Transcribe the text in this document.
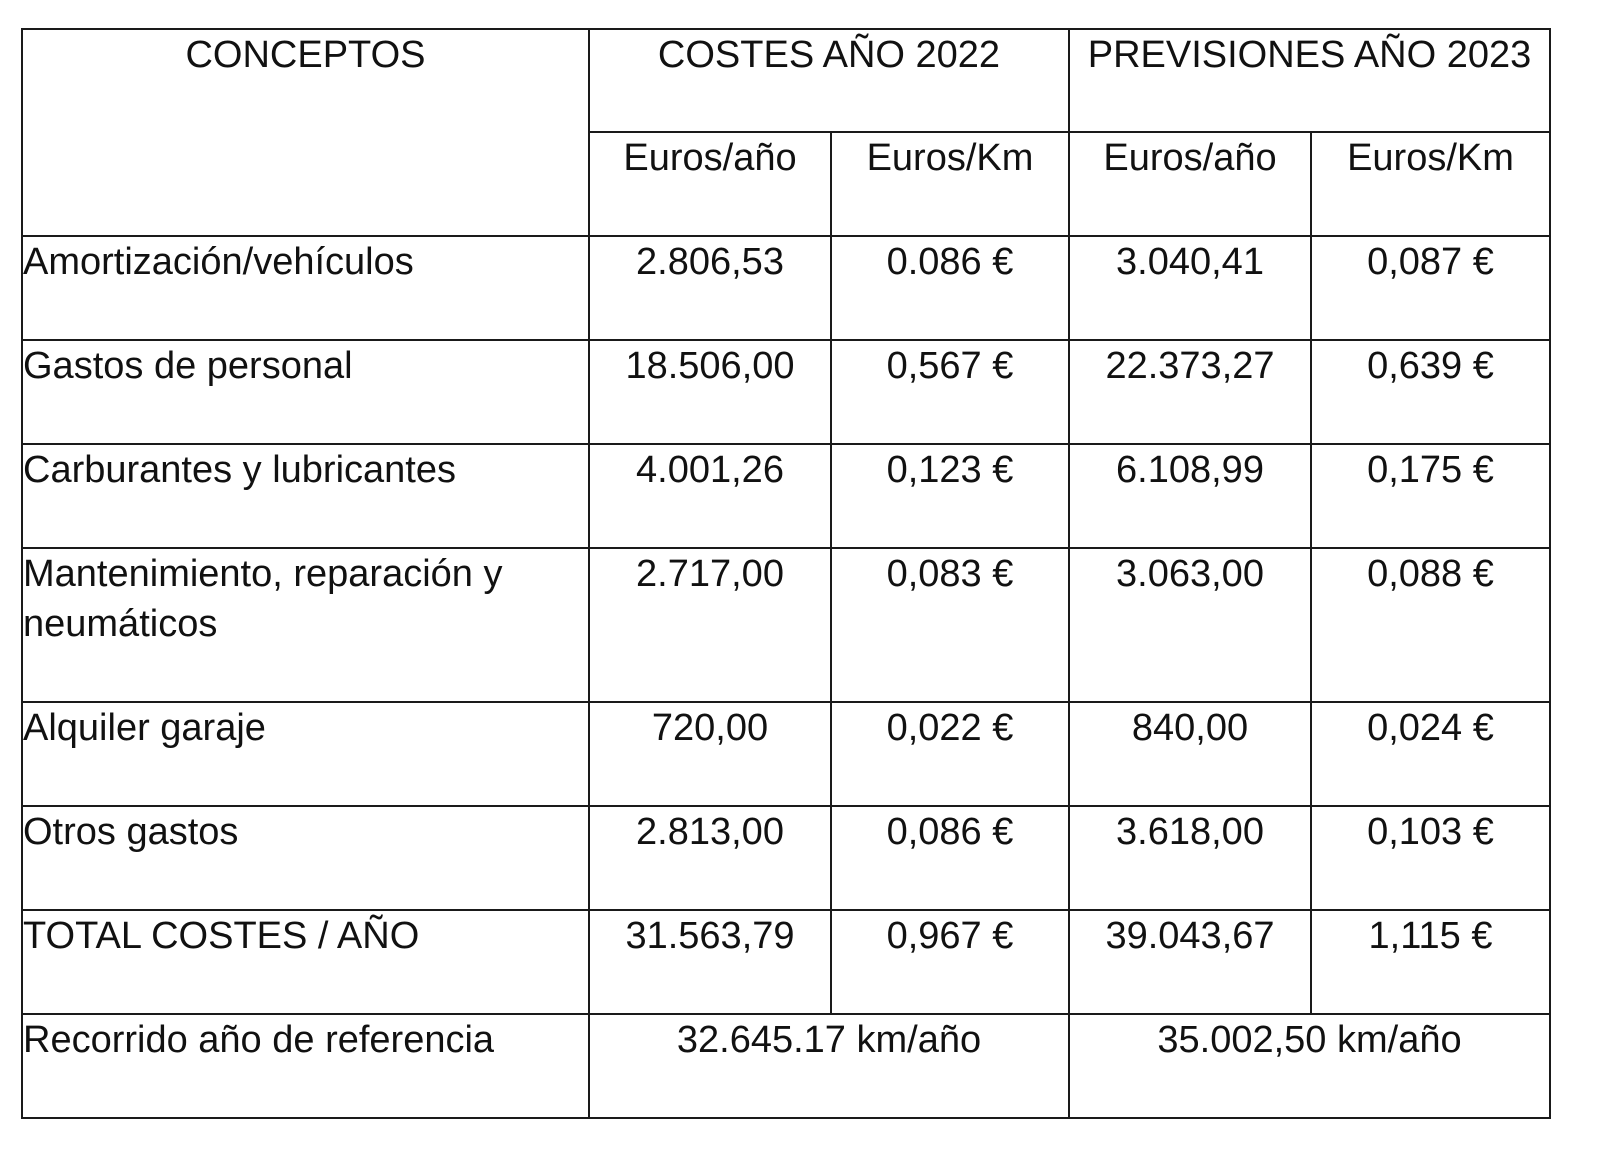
CONCEPTOS	COSTES AÑO 2022		PREVISIONES AÑO 2023	
	Euros/año	Euros/Km	Euros/año	Euros/Km
Amortización/vehículos	2.806,53	0.086 €	3.040,41	0,087 €
Gastos de personal	18.506,00	0,567 €	22.373,27	0,639 €
Carburantes y lubricantes	4.001,26	0,123 €	6.108,99	0,175 €
Mantenimiento, reparación y neumáticos	2.717,00	0,083 €	3.063,00	0,088 €
Alquiler garaje	720,00	0,022 €	840,00	0,024 €
Otros gastos	2.813,00	0,086 €	3.618,00	0,103 €
TOTAL COSTES / AÑO	31.563,79	0,967 €	39.043,67	1,115 €
Recorrido año de referencia	32.645.17 km/año		35.002,50 km/año	
